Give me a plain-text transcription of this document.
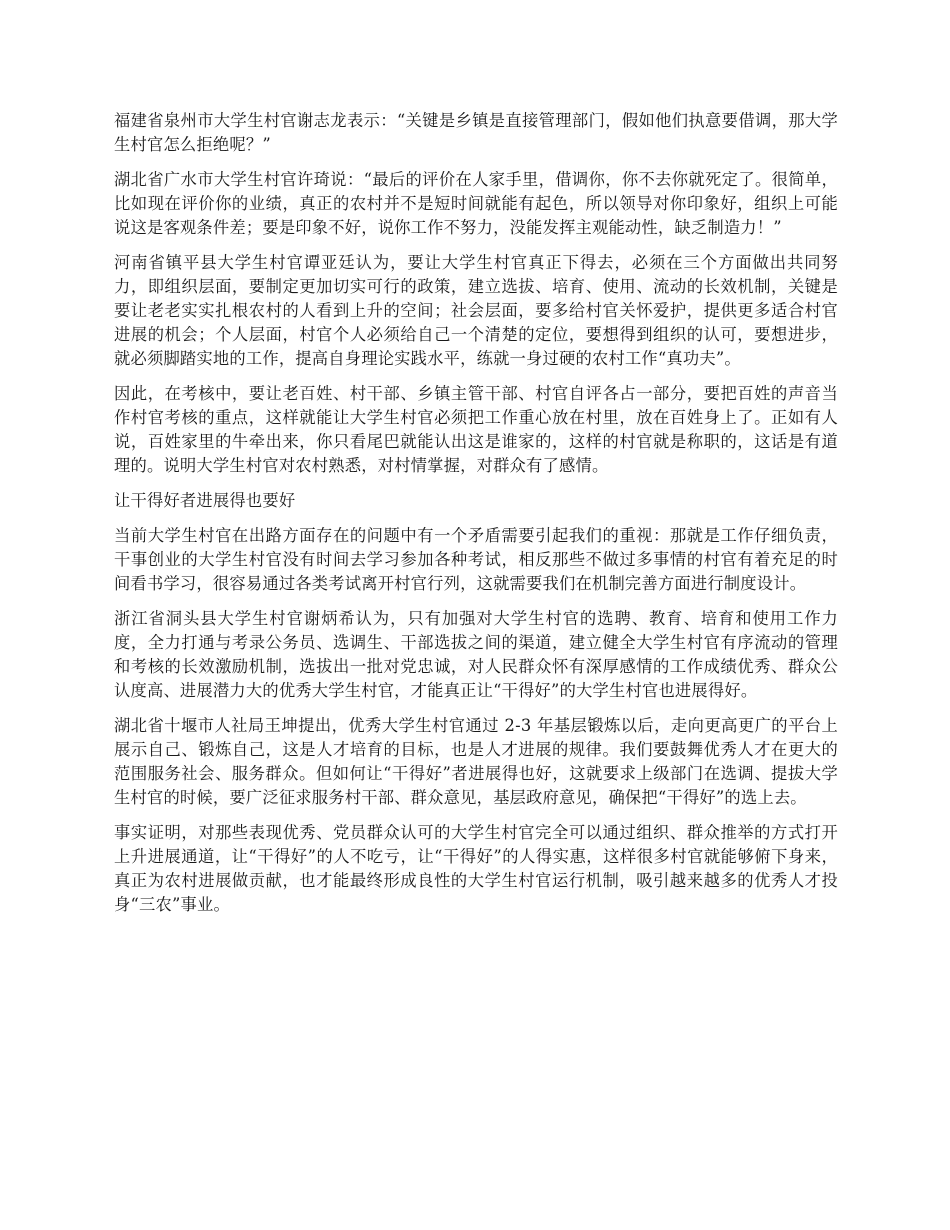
福建省泉州市大学生村官谢志龙表示：“关键是乡镇是直接管理部门，假如他们执意要借调，那大学生村官怎么拒绝呢？”

湖北省广水市大学生村官许琦说：“最后的评价在人家手里，借调你，你不去你就死定了。很简单，比如现在评价你的业绩，真正的农村并不是短时间就能有起色，所以领导对你印象好，组织上可能说这是客观条件差；要是印象不好，说你工作不努力，没能发挥主观能动性，缺乏制造力！”

河南省镇平县大学生村官谭亚廷认为，要让大学生村官真正下得去，必须在三个方面做出共同努力，即组织层面，要制定更加切实可行的政策，建立选拔、培育、使用、流动的长效机制，关键是要让老老实实扎根农村的人看到上升的空间；社会层面，要多给村官关怀爱护，提供更多适合村官进展的机会；个人层面，村官个人必须给自己一个清楚的定位，要想得到组织的认可，要想进步，就必须脚踏实地的工作，提高自身理论实践水平，练就一身过硬的农村工作“真功夫”。

因此，在考核中，要让老百姓、村干部、乡镇主管干部、村官自评各占一部分，要把百姓的声音当作村官考核的重点，这样就能让大学生村官必须把工作重心放在村里，放在百姓身上了。正如有人说，百姓家里的牛牵出来，你只看尾巴就能认出这是谁家的，这样的村官就是称职的，这话是有道理的。说明大学生村官对农村熟悉，对村情掌握，对群众有了感情。

让干得好者进展得也要好

当前大学生村官在出路方面存在的问题中有一个矛盾需要引起我们的重视：那就是工作仔细负责，干事创业的大学生村官没有时间去学习参加各种考试，相反那些不做过多事情的村官有着充足的时间看书学习，很容易通过各类考试离开村官行列，这就需要我们在机制完善方面进行制度设计。

浙江省洞头县大学生村官谢炳希认为，只有加强对大学生村官的选聘、教育、培育和使用工作力度，全力打通与考录公务员、选调生、干部选拔之间的渠道，建立健全大学生村官有序流动的管理和考核的长效激励机制，选拔出一批对党忠诚，对人民群众怀有深厚感情的工作成绩优秀、群众公认度高、进展潜力大的优秀大学生村官，才能真正让“干得好”的大学生村官也进展得好。

湖北省十堰市人社局王坤提出，优秀大学生村官通过 2-3 年基层锻炼以后，走向更高更广的平台上展示自己、锻炼自己，这是人才培育的目标，也是人才进展的规律。我们要鼓舞优秀人才在更大的范围服务社会、服务群众。但如何让“干得好”者进展得也好，这就要求上级部门在选调、提拔大学生村官的时候，要广泛征求服务村干部、群众意见，基层政府意见，确保把“干得好”的选上去。

事实证明，对那些表现优秀、党员群众认可的大学生村官完全可以通过组织、群众推举的方式打开上升进展通道，让“干得好”的人不吃亏，让“干得好”的人得实惠，这样很多村官就能够俯下身来，真正为农村进展做贡献，也才能最终形成良性的大学生村官运行机制，吸引越来越多的优秀人才投身“三农”事业。
